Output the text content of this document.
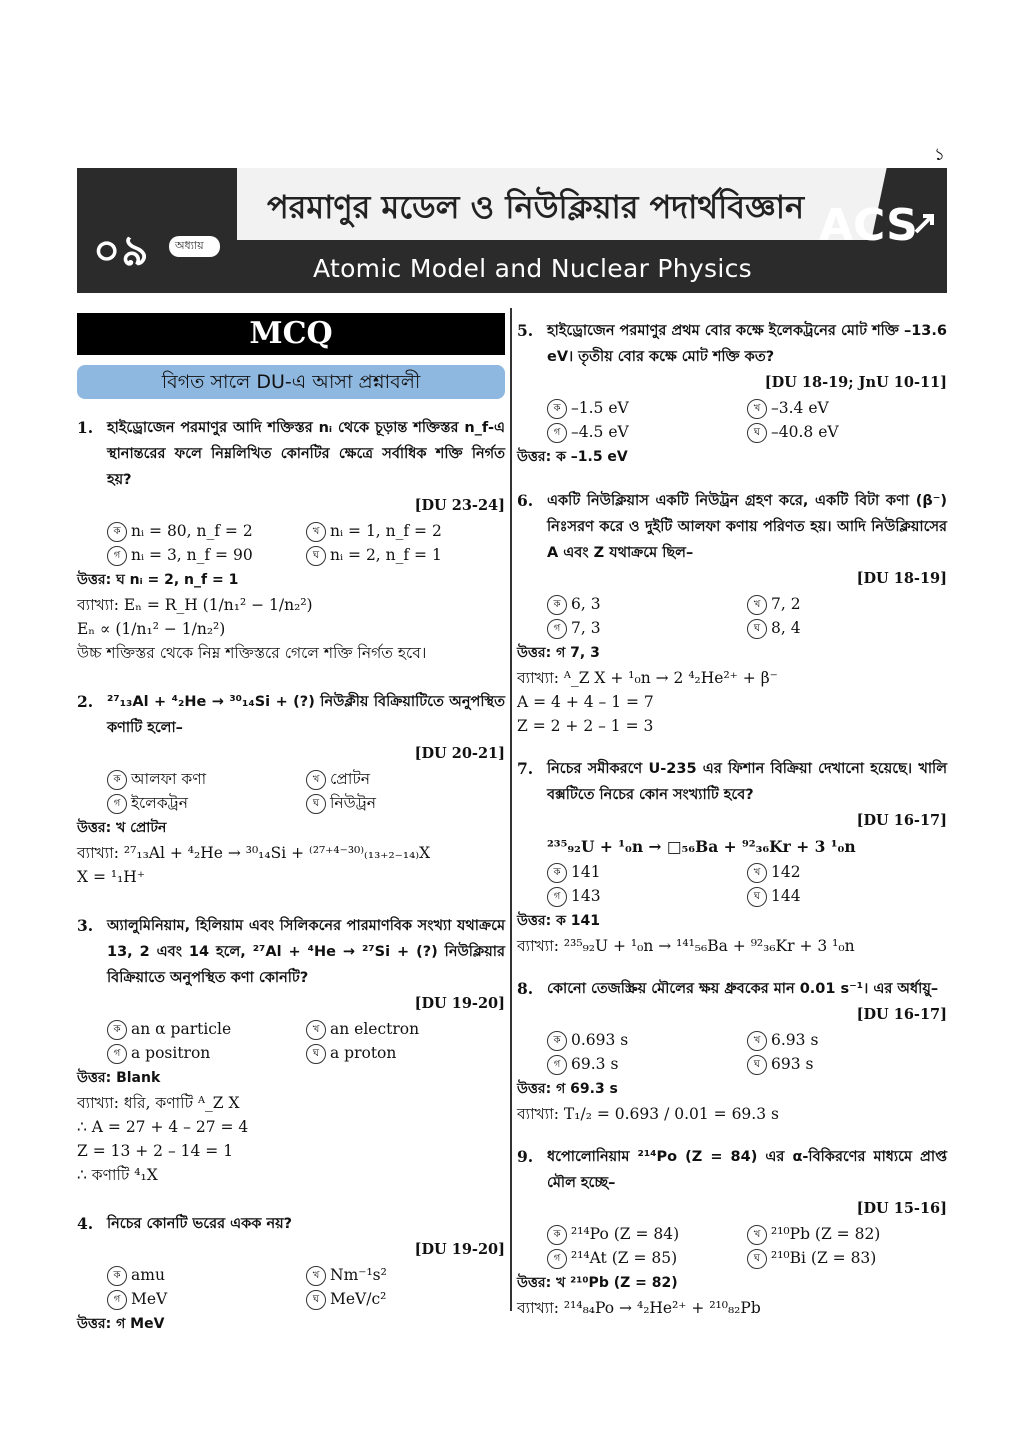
১
০৯	অধ্যায়
পরমাণুর মডেল ও নিউক্লিয়ার পদার্থবিজ্ঞান
Atomic Model and Nuclear Physics
ACS
MCQ
বিগত সালে DU-এ আসা প্রশ্নাবলী
1. হাইড্রোজেন পরমাণুর আদি শক্তিস্তর nᵢ থেকে চূড়ান্ত শক্তিস্তর n_f-এ স্থানান্তরের ফলে নিম্নলিখিত কোনটির ক্ষেত্রে সর্বাধিক শক্তি নির্গত হয়?
[DU 23-24]
ক nᵢ = 80, n_f = 2	খ nᵢ = 1, n_f = 2
গ nᵢ = 3, n_f = 90	ঘ nᵢ = 2, n_f = 1
উত্তর: ঘ nᵢ = 2, n_f = 1
ব্যাখ্যা: Eₙ = R_H (1/n₁² − 1/n₂²)
Eₙ ∝ (1/n₁² − 1/n₂²)
উচ্চ শক্তিস্তর থেকে নিম্ন শক্তিস্তরে গেলে শক্তি নির্গত হবে।
2. ²⁷₁₃Al + ⁴₂He → ³⁰₁₄Si + (?) নিউক্লীয় বিক্রিয়াটিতে অনুপস্থিত কণাটি হলো–
[DU 20-21]
ক আলফা কণা	খ প্রোটন
গ ইলেকট্রন	ঘ নিউট্রন
উত্তর: খ প্রোটন
ব্যাখ্যা: ²⁷₁₃Al + ⁴₂He → ³⁰₁₄Si + ⁽²⁷⁺⁴⁻³⁰⁾₍₁₃₊₂₋₁₄₎X
X = ¹₁H⁺
3. অ্যালুমিনিয়াম, হিলিয়াম এবং সিলিকনের পারমাণবিক সংখ্যা যথাক্রমে 13, 2 এবং 14 হলে, ²⁷Al + ⁴He → ²⁷Si + (?) নিউক্লিয়ার বিক্রিয়াতে অনুপস্থিত কণা কোনটি?
[DU 19-20]
ক an α particle	খ an electron
গ a positron	ঘ a proton
উত্তর: Blank
ব্যাখ্যা: ধরি, কণাটি ᴬ_Z X
∴ A = 27 + 4 – 27 = 4
Z = 13 + 2 – 14 = 1
∴ কণাটি ⁴₁X
4. নিচের কোনটি ভরের একক নয়?
[DU 19-20]
ক amu	খ Nm⁻¹s²
গ MeV	ঘ MeV/c²
উত্তর: গ MeV
5. হাইড্রোজেন পরমাণুর প্রথম বোর কক্ষে ইলেকট্রনের মোট শক্তি –13.6 eV। তৃতীয় বোর কক্ষে মোট শক্তি কত?
[DU 18-19; JnU 10-11]
ক –1.5 eV	খ –3.4 eV
গ –4.5 eV	ঘ –40.8 eV
উত্তর: ক –1.5 eV
6. একটি নিউক্লিয়াস একটি নিউট্রন গ্রহণ করে, একটি বিটা কণা (β⁻) নিঃসরণ করে ও দুইটি আলফা কণায় পরিণত হয়। আদি নিউক্লিয়াসের A এবং Z যথাক্রমে ছিল–
[DU 18-19]
ক 6, 3	খ 7, 2
গ 7, 3	ঘ 8, 4
উত্তর: গ 7, 3
ব্যাখ্যা: ᴬ_Z X + ¹₀n → 2 ⁴₂He²⁺ + β⁻
A = 4 + 4 – 1 = 7
Z = 2 + 2 – 1 = 3
7. নিচের সমীকরণে U-235 এর ফিশান বিক্রিয়া দেখানো হয়েছে। খালি বক্সটিতে নিচের কোন সংখ্যাটি হবে?
[DU 16-17]
²³⁵₉₂U + ¹₀n → □₅₆Ba + ⁹²₃₆Kr + 3 ¹₀n
ক 141	খ 142
গ 143	ঘ 144
উত্তর: ক 141
ব্যাখ্যা: ²³⁵₉₂U + ¹₀n → ¹⁴¹₅₆Ba + ⁹²₃₆Kr + 3 ¹₀n
8. কোনো তেজস্ক্রিয় মৌলের ক্ষয় ধ্রুবকের মান 0.01 s⁻¹। এর অর্ধায়ু–
[DU 16-17]
ক 0.693 s	খ 6.93 s
গ 69.3 s	ঘ 693 s
উত্তর: গ 69.3 s
ব্যাখ্যা: T₁/₂ = 0.693 / 0.01 = 69.3 s
9. ধপোলোনিয়াম ²¹⁴Po (Z = 84) এর α-বিকিরণের মাধ্যমে প্রাপ্ত মৌল হচ্ছে–
[DU 15-16]
ক ²¹⁴Po (Z = 84)	খ ²¹⁰Pb (Z = 82)
গ ²¹⁴At (Z = 85)	ঘ ²¹⁰Bi (Z = 83)
উত্তর: খ ²¹⁰Pb (Z = 82)
ব্যাখ্যা: ²¹⁴₈₄Po → ⁴₂He²⁺ + ²¹⁰₈₂Pb
